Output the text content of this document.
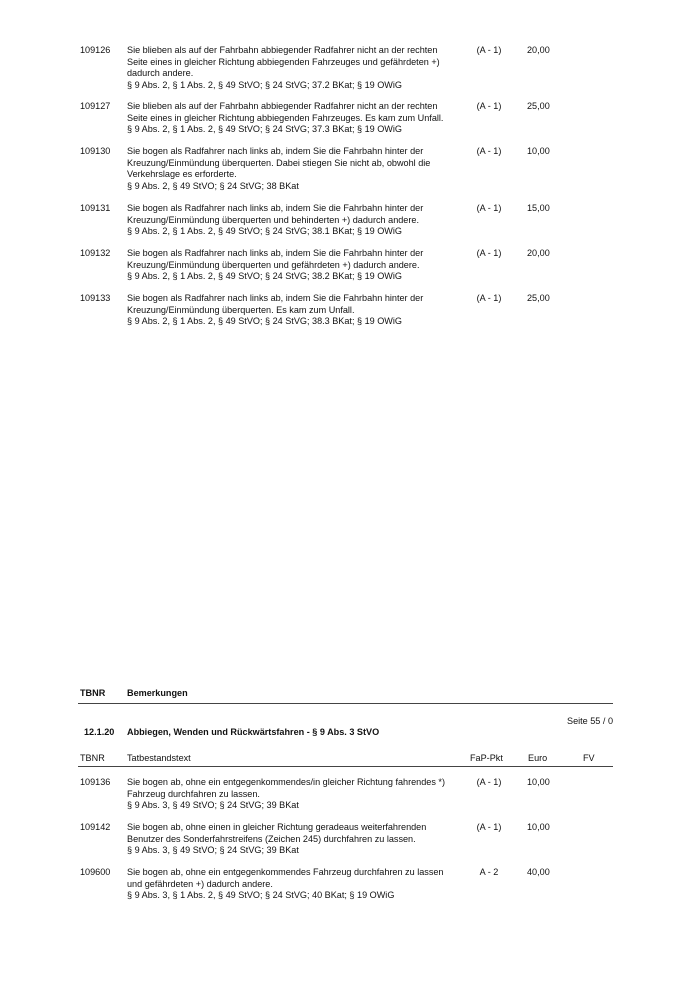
109126 Sie blieben als auf der Fahrbahn abbiegender Radfahrer nicht an der rechten
Seite eines in gleicher Richtung abbiegenden Fahrzeuges und gefährdeten +)
dadurch andere.
§ 9 Abs. 2, § 1 Abs. 2, § 49 StVO; § 24 StVG; 37.2 BKat; § 19 OWiG
(A - 1)	20,00
109127 Sie blieben als auf der Fahrbahn abbiegender Radfahrer nicht an der rechten
Seite eines in gleicher Richtung abbiegenden Fahrzeuges. Es kam zum Unfall.
§ 9 Abs. 2, § 1 Abs. 2, § 49 StVO; § 24 StVG; 37.3 BKat; § 19 OWiG
(A - 1)	25,00
109130 Sie bogen als Radfahrer nach links ab, indem Sie die Fahrbahn hinter der
Kreuzung/Einmündung überquerten. Dabei stiegen Sie nicht ab, obwohl die
Verkehrslage es erforderte.
§ 9 Abs. 2, § 49 StVO; § 24 StVG; 38 BKat
(A - 1)	10,00
109131 Sie bogen als Radfahrer nach links ab, indem Sie die Fahrbahn hinter der
Kreuzung/Einmündung überquerten und behinderten +) dadurch andere.
§ 9 Abs. 2, § 1 Abs. 2, § 49 StVO; § 24 StVG; 38.1 BKat; § 19 OWiG
(A - 1)	15,00
109132 Sie bogen als Radfahrer nach links ab, indem Sie die Fahrbahn hinter der
Kreuzung/Einmündung überquerten und gefährdeten +) dadurch andere.
§ 9 Abs. 2, § 1 Abs. 2, § 49 StVO; § 24 StVG; 38.2 BKat; § 19 OWiG
(A - 1)	20,00
109133 Sie bogen als Radfahrer nach links ab, indem Sie die Fahrbahn hinter der
Kreuzung/Einmündung überquerten. Es kam zum Unfall.
§ 9 Abs. 2, § 1 Abs. 2, § 49 StVO; § 24 StVG; 38.3 BKat; § 19 OWiG
(A - 1)	25,00
TBNR Bemerkungen
Seite 55 / 0
12.1.20 Abbiegen, Wenden und Rückwärtsfahren - § 9 Abs. 3 StVO
TBNR Tatbestandstext	FaP-Pkt	Euro	FV
109136 Sie bogen ab, ohne ein entgegenkommendes/in gleicher Richtung fahrendes *)
Fahrzeug durchfahren zu lassen.
§ 9 Abs. 3, § 49 StVO; § 24 StVG; 39 BKat
(A - 1)	10,00
109142 Sie bogen ab, ohne einen in gleicher Richtung geradeaus weiterfahrenden
Benutzer des Sonderfahrstreifens (Zeichen 245) durchfahren zu lassen.
§ 9 Abs. 3, § 49 StVO; § 24 StVG; 39 BKat
(A - 1)	10,00
109600 Sie bogen ab, ohne ein entgegenkommendes Fahrzeug durchfahren zu lassen
und gefährdeten +) dadurch andere.
§ 9 Abs. 3, § 1 Abs. 2, § 49 StVO; § 24 StVG; 40 BKat; § 19 OWiG
A - 2	40,00
